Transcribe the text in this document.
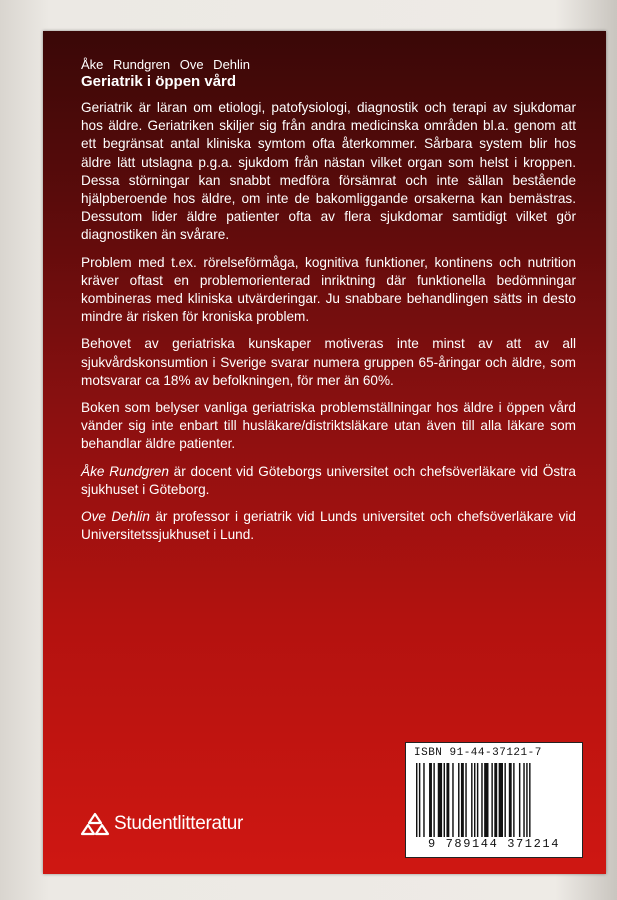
Åke Rundgren Ove Dehlin
Geriatrik i öppen vård

Geriatrik är läran om etiologi, patofysiologi, diagnostik och terapi av sjukdomar hos äldre. Geriatriken skiljer sig från andra medicinska områden bl.a. genom att ett begränsat antal kliniska symtom ofta återkommer. Sårbara system blir hos äldre lätt utslagna p.g.a. sjukdom från nästan vilket organ som helst i kroppen. Dessa störningar kan snabbt medföra försämrat och inte sällan bestående hjälpberoende hos äldre, om inte de bakomliggande orsakerna kan bemästras. Dessutom lider äldre patienter ofta av flera sjukdomar samtidigt vilket gör diagnostiken än svårare.

Problem med t.ex. rörelseförmåga, kognitiva funktioner, kontinens och nutrition kräver oftast en problemorienterad inriktning där funktionella bedömningar kombineras med kliniska utvärderingar. Ju snabbare behandlingen sätts in desto mindre är risken för kroniska problem.

Behovet av geriatriska kunskaper motiveras inte minst av att av all sjukvårdskonsumtion i Sverige svarar numera gruppen 65-åringar och äldre, som motsvarar ca 18% av befolkningen, för mer än 60%.

Boken som belyser vanliga geriatriska problemställningar hos äldre i öppen vård vänder sig inte enbart till husläkare/distriktsläkare utan även till alla läkare som behandlar äldre patienter.

Åke Rundgren är docent vid Göteborgs universitet och chefsöverläkare vid Östra sjukhuset i Göteborg.

Ove Dehlin är professor i geriatrik vid Lunds universitet och chefsöverläkare vid Universitetssjukhuset i Lund.

Studentlitteratur
ISBN 91-44-37121-7
9 789144 371214
